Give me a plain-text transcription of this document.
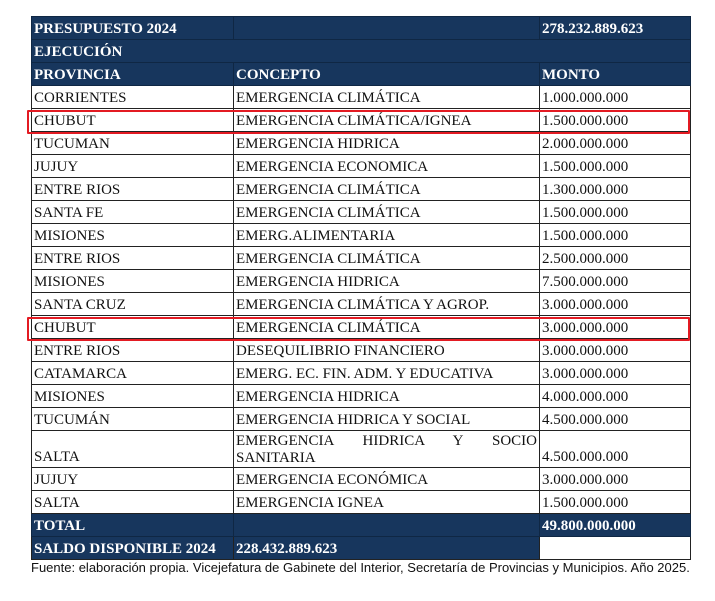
PRESUPUESTO 2024		278.232.889.623
EJECUCIÓN		
PROVINCIA	CONCEPTO	MONTO
CORRIENTES	EMERGENCIA CLIMÁTICA	1.000.000.000
CHUBUT	EMERGENCIA CLIMÁTICA/IGNEA	1.500.000.000
TUCUMAN	EMERGENCIA HIDRICA	2.000.000.000
JUJUY	EMERGENCIA ECONOMICA	1.500.000.000
ENTRE RIOS	EMERGENCIA CLIMÁTICA	1.300.000.000
SANTA FE	EMERGENCIA CLIMÁTICA	1.500.000.000
MISIONES	EMERG.ALIMENTARIA	1.500.000.000
ENTRE RIOS	EMERGENCIA CLIMÁTICA	2.500.000.000
MISIONES	EMERGENCIA HIDRICA	7.500.000.000
SANTA CRUZ	EMERGENCIA CLIMÁTICA Y AGROP.	3.000.000.000
CHUBUT	EMERGENCIA CLIMÁTICA	3.000.000.000
ENTRE RIOS	DESEQUILIBRIO FINANCIERO	3.000.000.000
CATAMARCA	EMERG. EC. FIN. ADM. Y EDUCATIVA	3.000.000.000
MISIONES	EMERGENCIA HIDRICA	4.000.000.000
TUCUMÁN	EMERGENCIA HIDRICA Y SOCIAL	4.500.000.000
SALTA	EMERGENCIA HIDRICA Y SOCIO SANITARIA	4.500.000.000
JUJUY	EMERGENCIA ECONÓMICA	3.000.000.000
SALTA	EMERGENCIA IGNEA	1.500.000.000
TOTAL		49.800.000.000
SALDO DISPONIBLE 2024	228.432.889.623	
Fuente: elaboración propia. Vicejefatura de Gabinete del Interior, Secretaría de Provincias y Municipios. Año 2025.
